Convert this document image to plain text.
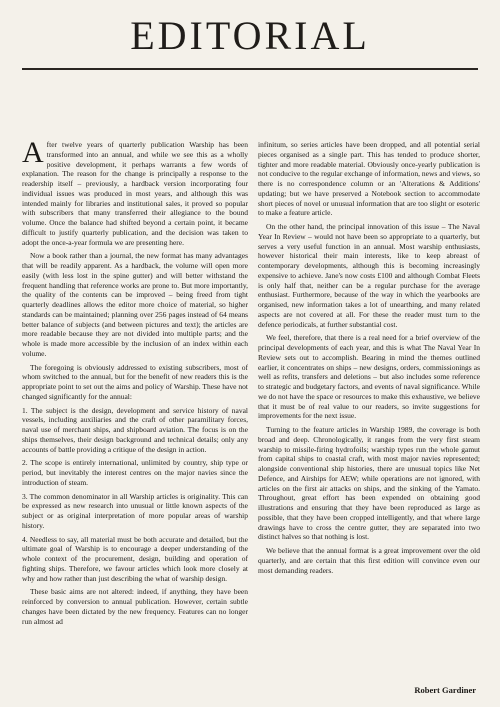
EDITORIAL

After twelve years of quarterly publication Warship has been transformed into an annual, and while we see this as a wholly positive development, it perhaps warrants a few words of explanation. The reason for the change is principally a response to the readership itself – previously, a hardback version incorporating four individual issues was produced in most years, and although this was intended mainly for libraries and institutional sales, it proved so popular with subscribers that many transferred their allegiance to the bound volume. Once the balance had shifted beyond a certain point, it became difficult to justify quarterly publication, and the decision was taken to adopt the once-a-year formula we are presenting here.

Now a book rather than a journal, the new format has many advantages that will be readily apparent. As a hardback, the volume will open more easily (with less lost in the spine gutter) and will better withstand the frequent handling that reference works are prone to. But more importantly, the quality of the contents can be improved – being freed from tight quarterly deadlines allows the editor more choice of material, so higher standards can be maintained; planning over 256 pages instead of 64 means better balance of subjects (and between pictures and text); the articles are more readable because they are not divided into multiple parts; and the whole is made more accessible by the inclusion of an index within each volume.

The foregoing is obviously addressed to existing subscribers, most of whom switched to the annual, but for the benefit of new readers this is the appropriate point to set out the aims and policy of Warship. These have not changed significantly for the annual:

1. The subject is the design, development and service history of naval vessels, including auxiliaries and the craft of other paramilitary forces, naval use of merchant ships, and shipboard aviation. The focus is on the ships themselves, their design background and technical details; only any accounts of battle providing a critique of the design in action.

2. The scope is entirely international, unlimited by country, ship type or period, but inevitably the interest centres on the major navies since the introduction of steam.

3. The common denominator in all Warship articles is originality. This can be expressed as new research into unusual or little known aspects of the subject or as original interpretation of more popular areas of warship history.

4. Needless to say, all material must be both accurate and detailed, but the ultimate goal of Warship is to encourage a deeper understanding of the whole context of the procurement, design, building and operation of fighting ships. Therefore, we favour articles which look more closely at why and how rather than just describing the what of warship design.

These basic aims are not altered: indeed, if anything, they have been reinforced by conversion to annual publication. However, certain subtle changes have been dictated by the new frequency. Features can no longer run almost ad

infinitum, so series articles have been dropped, and all potential serial pieces organised as a single part. This has tended to produce shorter, tighter and more readable material. Obviously once-yearly publication is not conducive to the regular exchange of information, news and views, so there is no correspondence column or an 'Alterations & Additions' updating; but we have preserved a Notebook section to accommodate short pieces of novel or unusual information that are too slight or esoteric to make a feature article.

On the other hand, the principal innovation of this issue – The Naval Year In Review – would not have been so appropriate to a quarterly, but serves a very useful function in an annual. Most warship enthusiasts, however historical their main interests, like to keep abreast of contemporary developments, although this is becoming increasingly expensive to achieve. Jane's now costs £100 and although Combat Fleets is only half that, neither can be a regular purchase for the average enthusiast. Furthermore, because of the way in which the yearbooks are organised, new information takes a lot of unearthing, and many related aspects are not covered at all. For these the reader must turn to the defence periodicals, at further substantial cost.

We feel, therefore, that there is a real need for a brief overview of the principal developments of each year, and this is what The Naval Year In Review sets out to accomplish. Bearing in mind the themes outlined earlier, it concentrates on ships – new designs, orders, commissionings as well as refits, transfers and deletions – but also includes some reference to strategic and budgetary factors, and events of naval significance. While we do not have the space or resources to make this exhaustive, we believe that it must be of real value to our readers, so invite suggestions for improvements for the next issue.

Turning to the feature articles in Warship 1989, the coverage is both broad and deep. Chronologically, it ranges from the very first steam warship to missile-firing hydrofoils; warship types run the whole gamut from capital ships to coastal craft, with most major navies represented; alongside conventional ship histories, there are unusual topics like Net Defence, and Airships for AEW; while operations are not ignored, with articles on the first air attacks on ships, and the sinking of the Yamato. Throughout, great effort has been expended on obtaining good illustrations and ensuring that they have been reproduced as large as possible, that they have been cropped intelligently, and that where large drawings have to cross the centre gutter, they are separated into two distinct halves so that nothing is lost.

We believe that the annual format is a great improvement over the old quarterly, and are certain that this first edition will convince even our most demanding readers.

Robert Gardiner
